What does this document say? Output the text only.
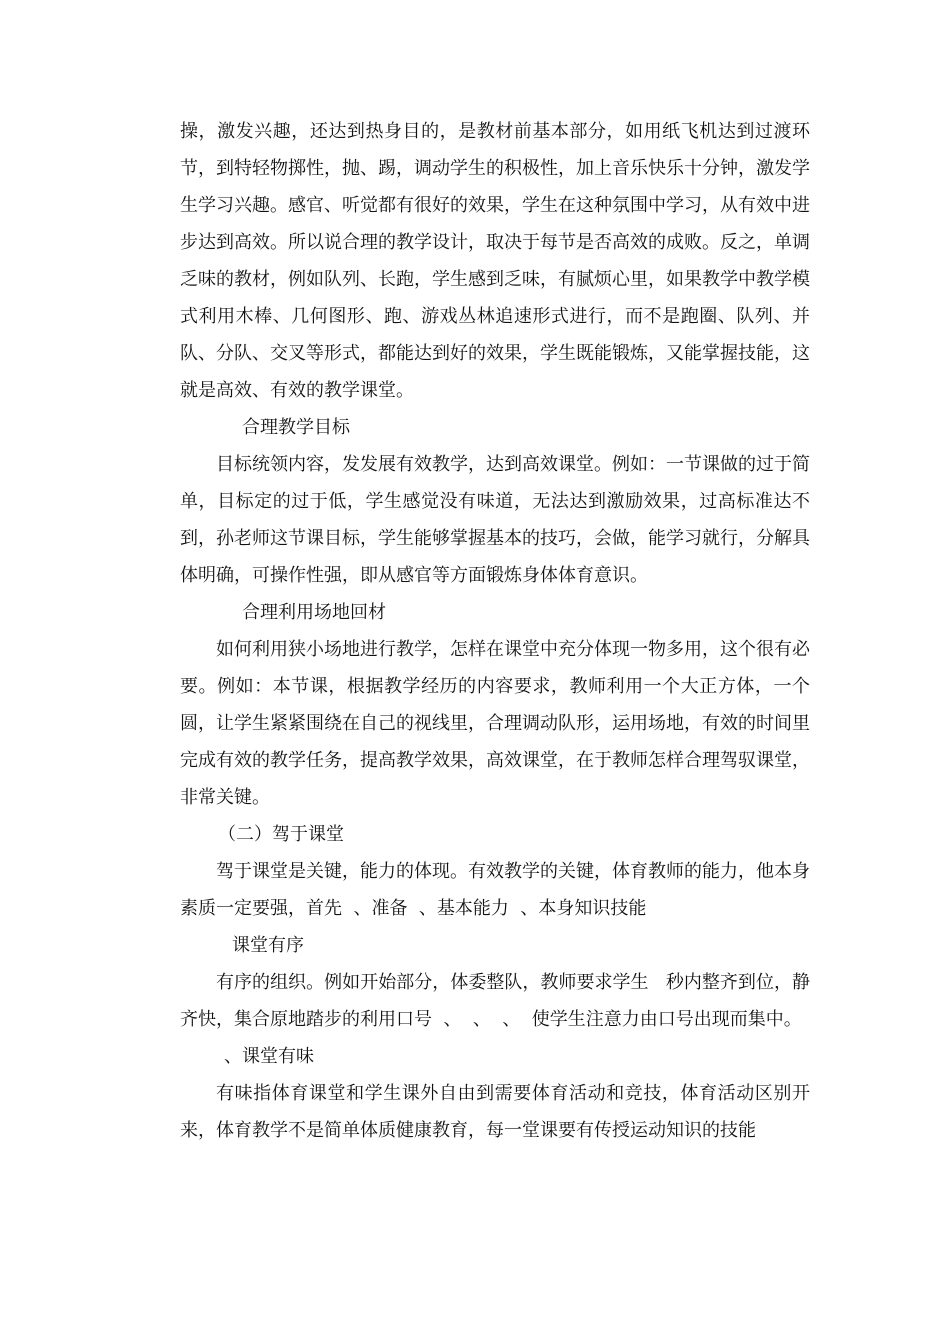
操，激发兴趣，还达到热身目的，是教材前基本部分，如用纸飞机达到过渡环节，到特轻物掷性，抛、踢，调动学生的积极性，加上音乐快乐十分钟，激发学生学习兴趣。感官、听觉都有很好的效果，学生在这种氛围中学习，从有效中进步达到高效。所以说合理的教学设计，取决于每节是否高效的成败。反之，单调乏味的教材，例如队列、长跑，学生感到乏味，有腻烦心里，如果教学中教学模式利用木棒、几何图形、跑、游戏丛林追速形式进行，而不是跑圈、队列、并队、分队、交叉等形式，都能达到好的效果，学生既能锻炼，又能掌握技能，这就是高效、有效的教学课堂。

合理教学目标

目标统领内容，发发展有效教学，达到高效课堂。例如：一节课做的过于简单，目标定的过于低，学生感觉没有味道，无法达到激励效果，过高标准达不到，孙老师这节课目标，学生能够掌握基本的技巧，会做，能学习就行，分解具体明确，可操作性强，即从感官等方面锻炼身体体育意识。

合理利用场地回材

如何利用狭小场地进行教学，怎样在课堂中充分体现一物多用，这个很有必要。例如：本节课，根据教学经历的内容要求，教师利用一个大正方体，一个圆，让学生紧紧围绕在自己的视线里，合理调动队形，运用场地，有效的时间里完成有效的教学任务，提高教学效果，高效课堂，在于教师怎样合理驾驭课堂，非常关键。

（二）驾于课堂

驾于课堂是关键，能力的体现。有效教学的关键，体育教师的能力，他本身素质一定要强，首先  、准备  、基本能力  、本身知识技能

课堂有序

有序的组织。例如开始部分，体委整队，教师要求学生   秒内整齐到位，静齐快，集合原地踏步的利用口号  、  、  、  使学生注意力由口号出现而集中。

、课堂有味

有味指体育课堂和学生课外自由到需要体育活动和竞技，体育活动区别开来，体育教学不是简单体质健康教育，每一堂课要有传授运动知识的技能
